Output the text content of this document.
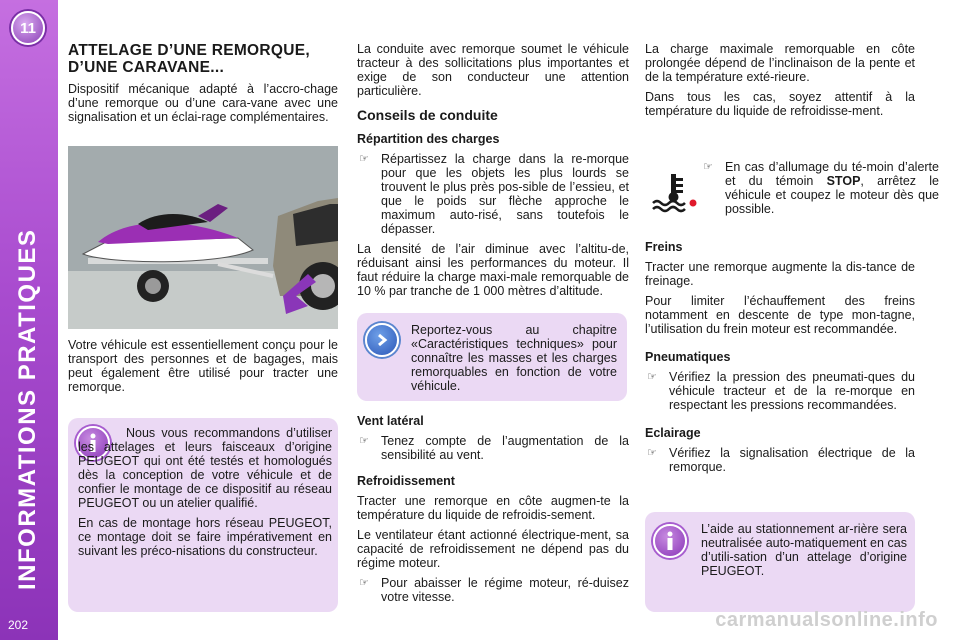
11
INFORMATIONS PRATIQUES
202
ATTELAGE D’UNE REMORQUE, D’UNE CARAVANE...

Dispositif mécanique adapté à l’accro-chage d’une remorque ou d’une cara-vane avec une signalisation et un éclai-rage complémentaires.

Votre véhicule est essentiellement conçu pour le transport des personnes et de bagages, mais peut également être utilisé pour tracter une remorque.

Nous vous recommandons d’utiliser les attelages et leurs faisceaux d’origine PEUGEOT qui ont été testés et homologués dès la conception de votre véhicule et de confier le montage de ce dispositif au réseau PEUGEOT ou un atelier qualifié.

En cas de montage hors réseau PEUGEOT, ce montage doit se faire impérativement en suivant les préco-nisations du constructeur.

La conduite avec remorque soumet le véhicule tracteur à des sollicitations plus importantes et exige de son conducteur une attention particulière.

Conseils de conduite
Répartition des charges
☞ Répartissez la charge dans la re-morque pour que les objets les plus lourds se trouvent le plus près pos-sible de l’essieu, et que le poids sur flèche approche le maximum auto-risé, sans toutefois le dépasser.

La densité de l’air diminue avec l’altitu-de, réduisant ainsi les performances du moteur. Il faut réduire la charge maxi-male remorquable de 10 % par tranche de 1 000 mètres d’altitude.

Reportez-vous au chapitre «Caractéristiques techniques» pour connaître les masses et les charges remorquables en fonction de votre véhicule.
Vent latéral
☞ Tenez compte de l’augmentation de la sensibilité au vent.
Refroidissement

Tracter une remorque en côte augmen-te la température du liquide de refroidis-sement.

Le ventilateur étant actionné électrique-ment, sa capacité de refroidissement ne dépend pas du régime moteur.

☞ Pour abaisser le régime moteur, ré-duisez votre vitesse.

La charge maximale remorquable en côte prolongée dépend de l’inclinaison de la pente et de la température exté-rieure.

Dans tous les cas, soyez attentif à la température du liquide de refroidisse-ment.

☞ En cas d’allumage du té-moin d’alerte et du témoin STOP, arrêtez le véhicule et coupez le moteur dès que possible.
Freins

Tracter une remorque augmente la dis-tance de freinage.

Pour limiter l’échauffement des freins notamment en descente de type mon-tagne, l’utilisation du frein moteur est recommandée.

Pneumatiques
☞ Vérifiez la pression des pneumati-ques du véhicule tracteur et de la re-morque en respectant les pressions recommandées.
Eclairage
☞ Vérifiez la signalisation électrique de la remorque.
L’aide au stationnement ar-rière sera neutralisée auto-matiquement en cas d’utili-sation d’un attelage d’origine PEUGEOT.
carmanualsonline.info
